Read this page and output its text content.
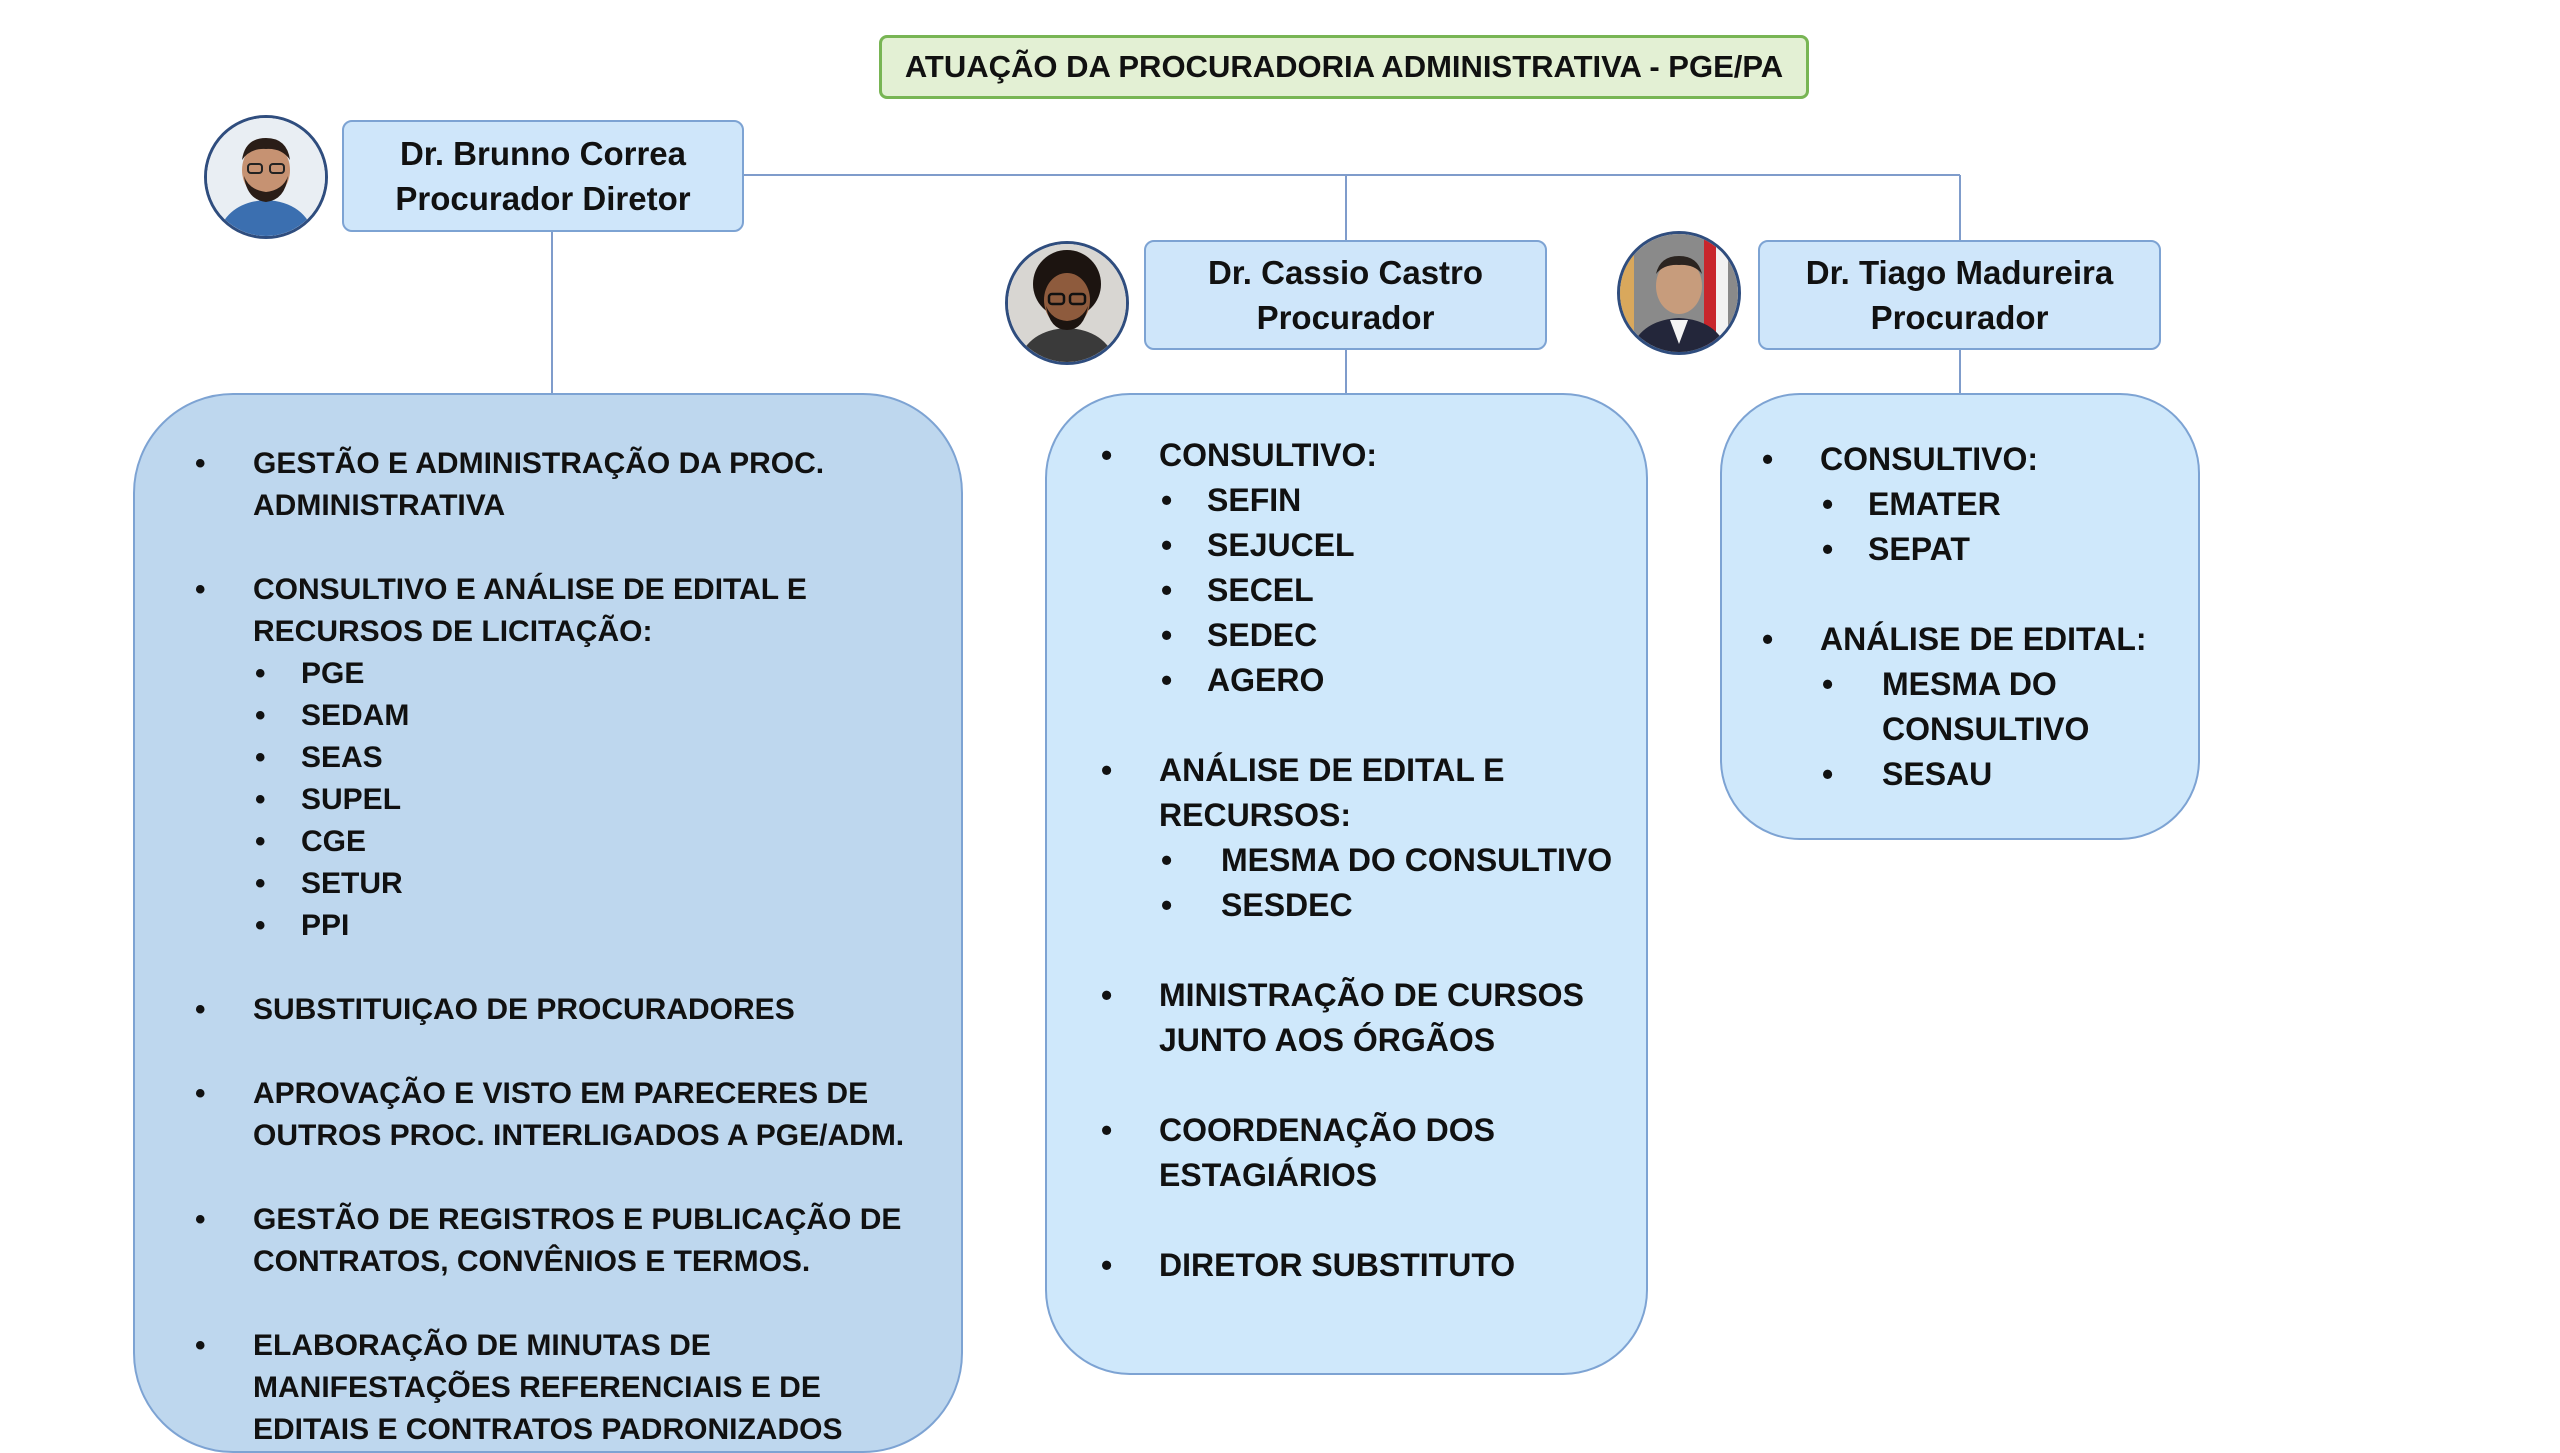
ATUAÇÃO DA PROCURADORIA ADMINISTRATIVA - PGE/PA
Dr. Brunno Correa
Procurador Diretor
Dr. Cassio Castro
Procurador
Dr. Tiago Madureira
Procurador
• GESTÃO E ADMINISTRAÇÃO DA PROC. ADMINISTRATIVA
• CONSULTIVO E ANÁLISE DE EDITAL E RECURSOS DE LICITAÇÃO:
• PGE
• SEDAM
• SEAS
• SUPEL
• CGE
• SETUR
• PPI
• SUBSTITUIÇAO DE PROCURADORES
• APROVAÇÃO E VISTO EM PARECERES DE OUTROS PROC. INTERLIGADOS A PGE/ADM.
• GESTÃO DE REGISTROS E PUBLICAÇÃO DE CONTRATOS, CONVÊNIOS E TERMOS.
• ELABORAÇÃO DE MINUTAS DE MANIFESTAÇÕES REFERENCIAIS E DE EDITAIS E CONTRATOS PADRONIZADOS
• CONSULTIVO:
• SEFIN
• SEJUCEL
• SECEL
• SEDEC
• AGERO
• ANÁLISE DE EDITAL E RECURSOS:
• MESMA DO CONSULTIVO
• SESDEC
• MINISTRAÇÃO DE CURSOS JUNTO AOS ÓRGÃOS
• COORDENAÇÃO DOS ESTAGIÁRIOS
• DIRETOR SUBSTITUTO
• CONSULTIVO:
• EMATER
• SEPAT
• ANÁLISE DE EDITAL:
• MESMA DO CONSULTIVO
• SESAU
